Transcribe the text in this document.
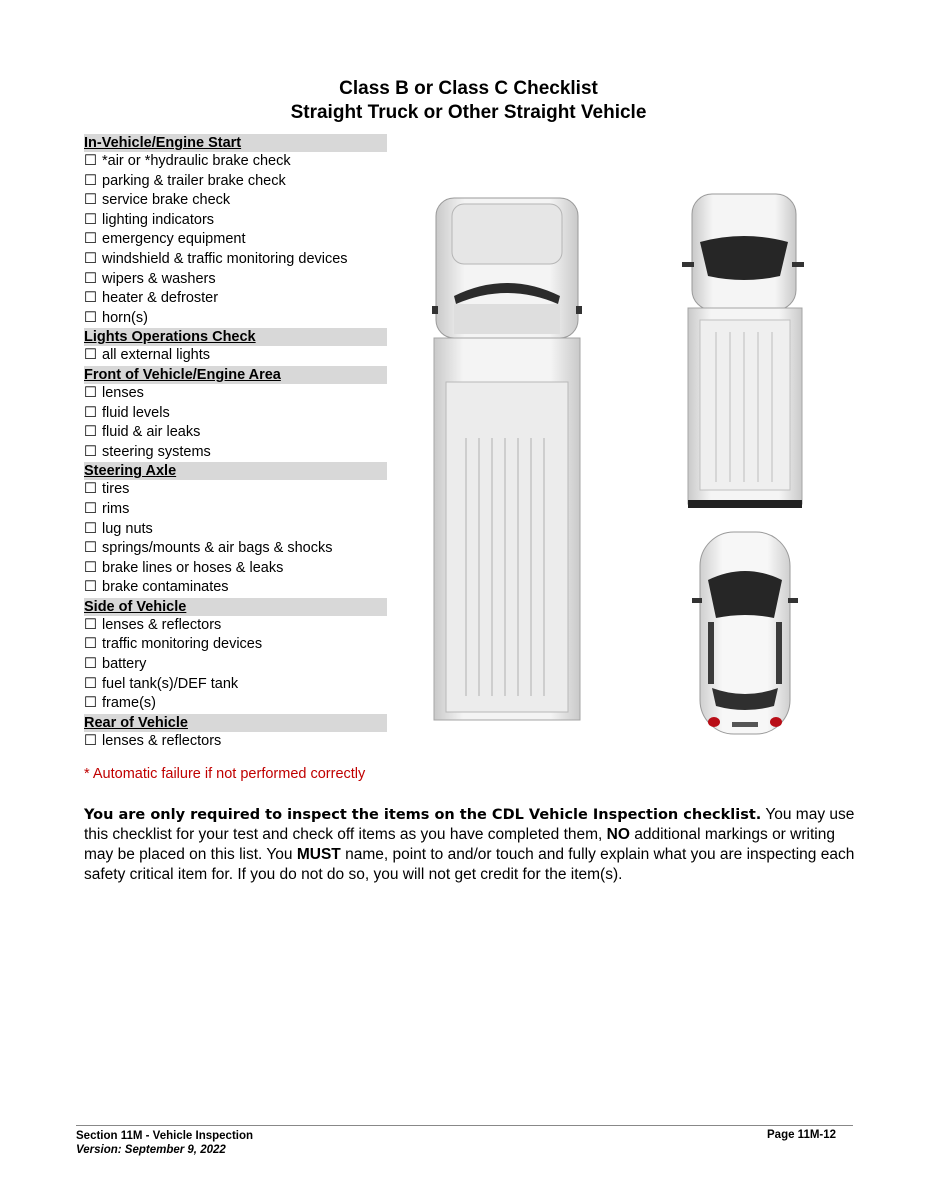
Class B or Class C Checklist
Straight Truck or Other Straight Vehicle
In-Vehicle/Engine Start
☐ *air or *hydraulic brake check
☐ parking & trailer brake check
☐ service brake check
☐ lighting indicators
☐ emergency equipment
☐ windshield & traffic monitoring devices
☐ wipers & washers
☐ heater & defroster
☐ horn(s)
Lights Operations Check
☐ all external lights
Front of Vehicle/Engine Area
☐ lenses
☐ fluid levels
☐ fluid & air leaks
☐ steering systems
Steering Axle
☐ tires
☐ rims
☐ lug nuts
☐ springs/mounts & air bags & shocks
☐ brake lines or hoses & leaks
☐ brake contaminates
Side of Vehicle
☐ lenses & reflectors
☐ traffic monitoring devices
☐ battery
☐ fuel tank(s)/DEF tank
☐ frame(s)
Rear of Vehicle
☐ lenses & reflectors
* Automatic failure if not performed correctly
You are only required to inspect the items on the CDL Vehicle Inspection checklist. You may use this checklist for your test and check off items as you have completed them, NO additional markings or writing may be placed on this list. You MUST name, point to and/or touch and fully explain what you are inspecting each safety critical item for. If you do not do so, you will not get credit for the item(s).
Section 11M - Vehicle Inspection
Version: September 9, 2022
Page 11M-12
